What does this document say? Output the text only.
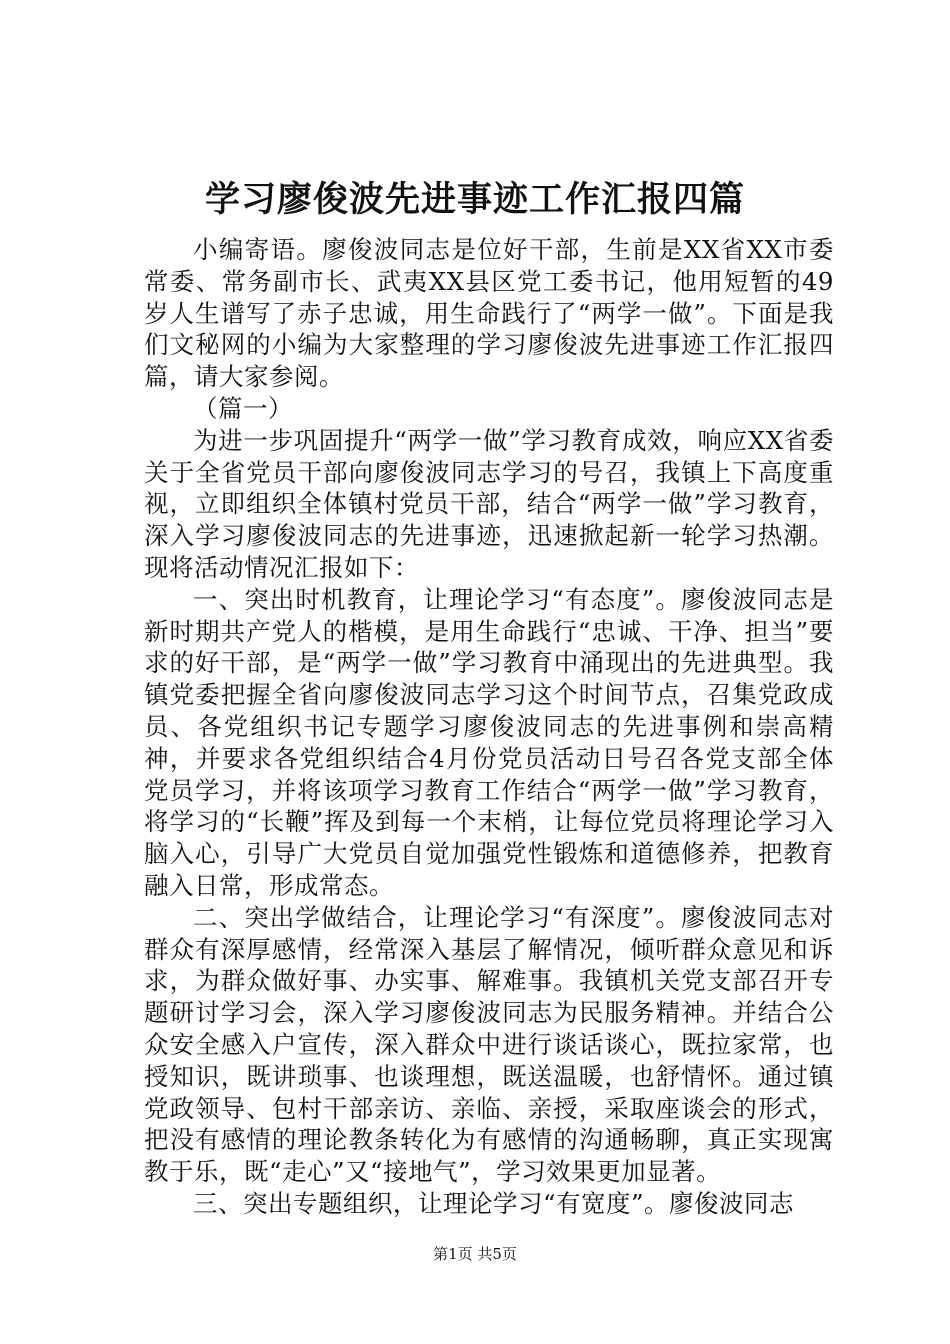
学习廖俊波先进事迹工作汇报四篇

小编寄语。廖俊波同志是位好干部，生前是XX省XX市委常委、常务副市长、武夷XX县区党工委书记，他用短暂的49岁人生谱写了赤子忠诚，用生命践行了“两学一做”。下面是我们文秘网的小编为大家整理的学习廖俊波先进事迹工作汇报四篇，请大家参阅。

（篇一）

为进一步巩固提升“两学一做”学习教育成效，响应XX省委关于全省党员干部向廖俊波同志学习的号召，我镇上下高度重视，立即组织全体镇村党员干部，结合“两学一做”学习教育，深入学习廖俊波同志的先进事迹，迅速掀起新一轮学习热潮。现将活动情况汇报如下：

一、突出时机教育，让理论学习“有态度”。廖俊波同志是新时期共产党人的楷模，是用生命践行“忠诚、干净、担当”要求的好干部，是“两学一做”学习教育中涌现出的先进典型。我镇党委把握全省向廖俊波同志学习这个时间节点，召集党政成员、各党组织书记专题学习廖俊波同志的先进事例和崇高精神，并要求各党组织结合4月份党员活动日号召各党支部全体党员学习，并将该项学习教育工作结合“两学一做”学习教育，将学习的“长鞭”挥及到每一个末梢，让每位党员将理论学习入脑入心，引导广大党员自觉加强党性锻炼和道德修养，把教育融入日常，形成常态。

二、突出学做结合，让理论学习“有深度”。廖俊波同志对群众有深厚感情，经常深入基层了解情况，倾听群众意见和诉求，为群众做好事、办实事、解难事。我镇机关党支部召开专题研讨学习会，深入学习廖俊波同志为民服务精神。并结合公众安全感入户宣传，深入群众中进行谈话谈心，既拉家常，也授知识，既讲琐事、也谈理想，既送温暖，也舒情怀。通过镇党政领导、包村干部亲访、亲临、亲授，采取座谈会的形式，把没有感情的理论教条转化为有感情的沟通畅聊，真正实现寓教于乐，既“走心”又“接地气”，学习效果更加显著。

三、突出专题组织，让理论学习“有宽度”。廖俊波同志

第1页 共5页
